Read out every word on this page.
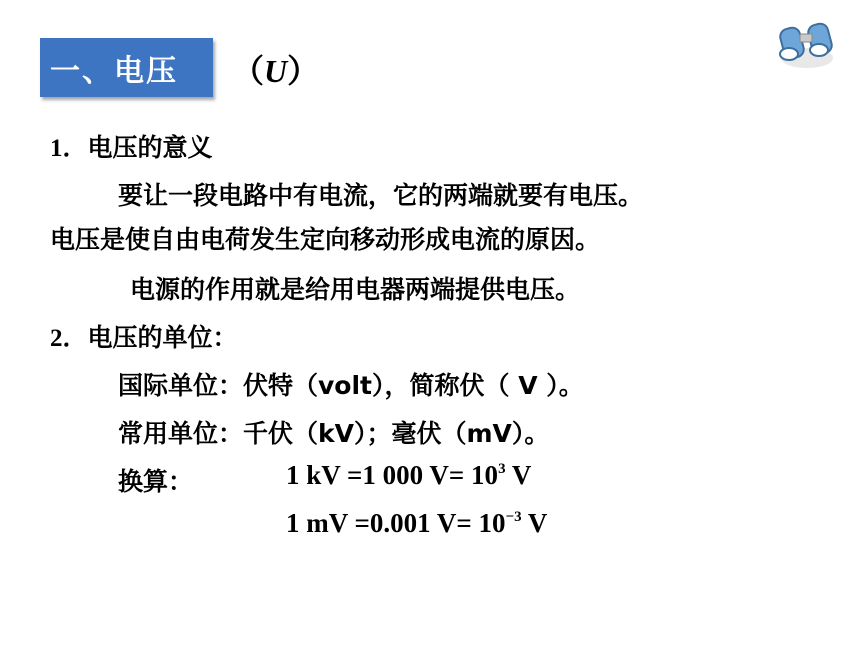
一、电压 （U）
1．电压的意义
要让一段电路中有电流，它的两端就要有电压。
电压是使自由电荷发生定向移动形成电流的原因。
电源的作用就是给用电器两端提供电压。
2．电压的单位：
国际单位：伏特（volt），简称伏（ V ）。
常用单位：千伏（kV）；毫伏（mV）。
换算：	1 kV =1 000 $V= 10^3$ V
1 mV =0.001 $V= 10^{-3}$ V
